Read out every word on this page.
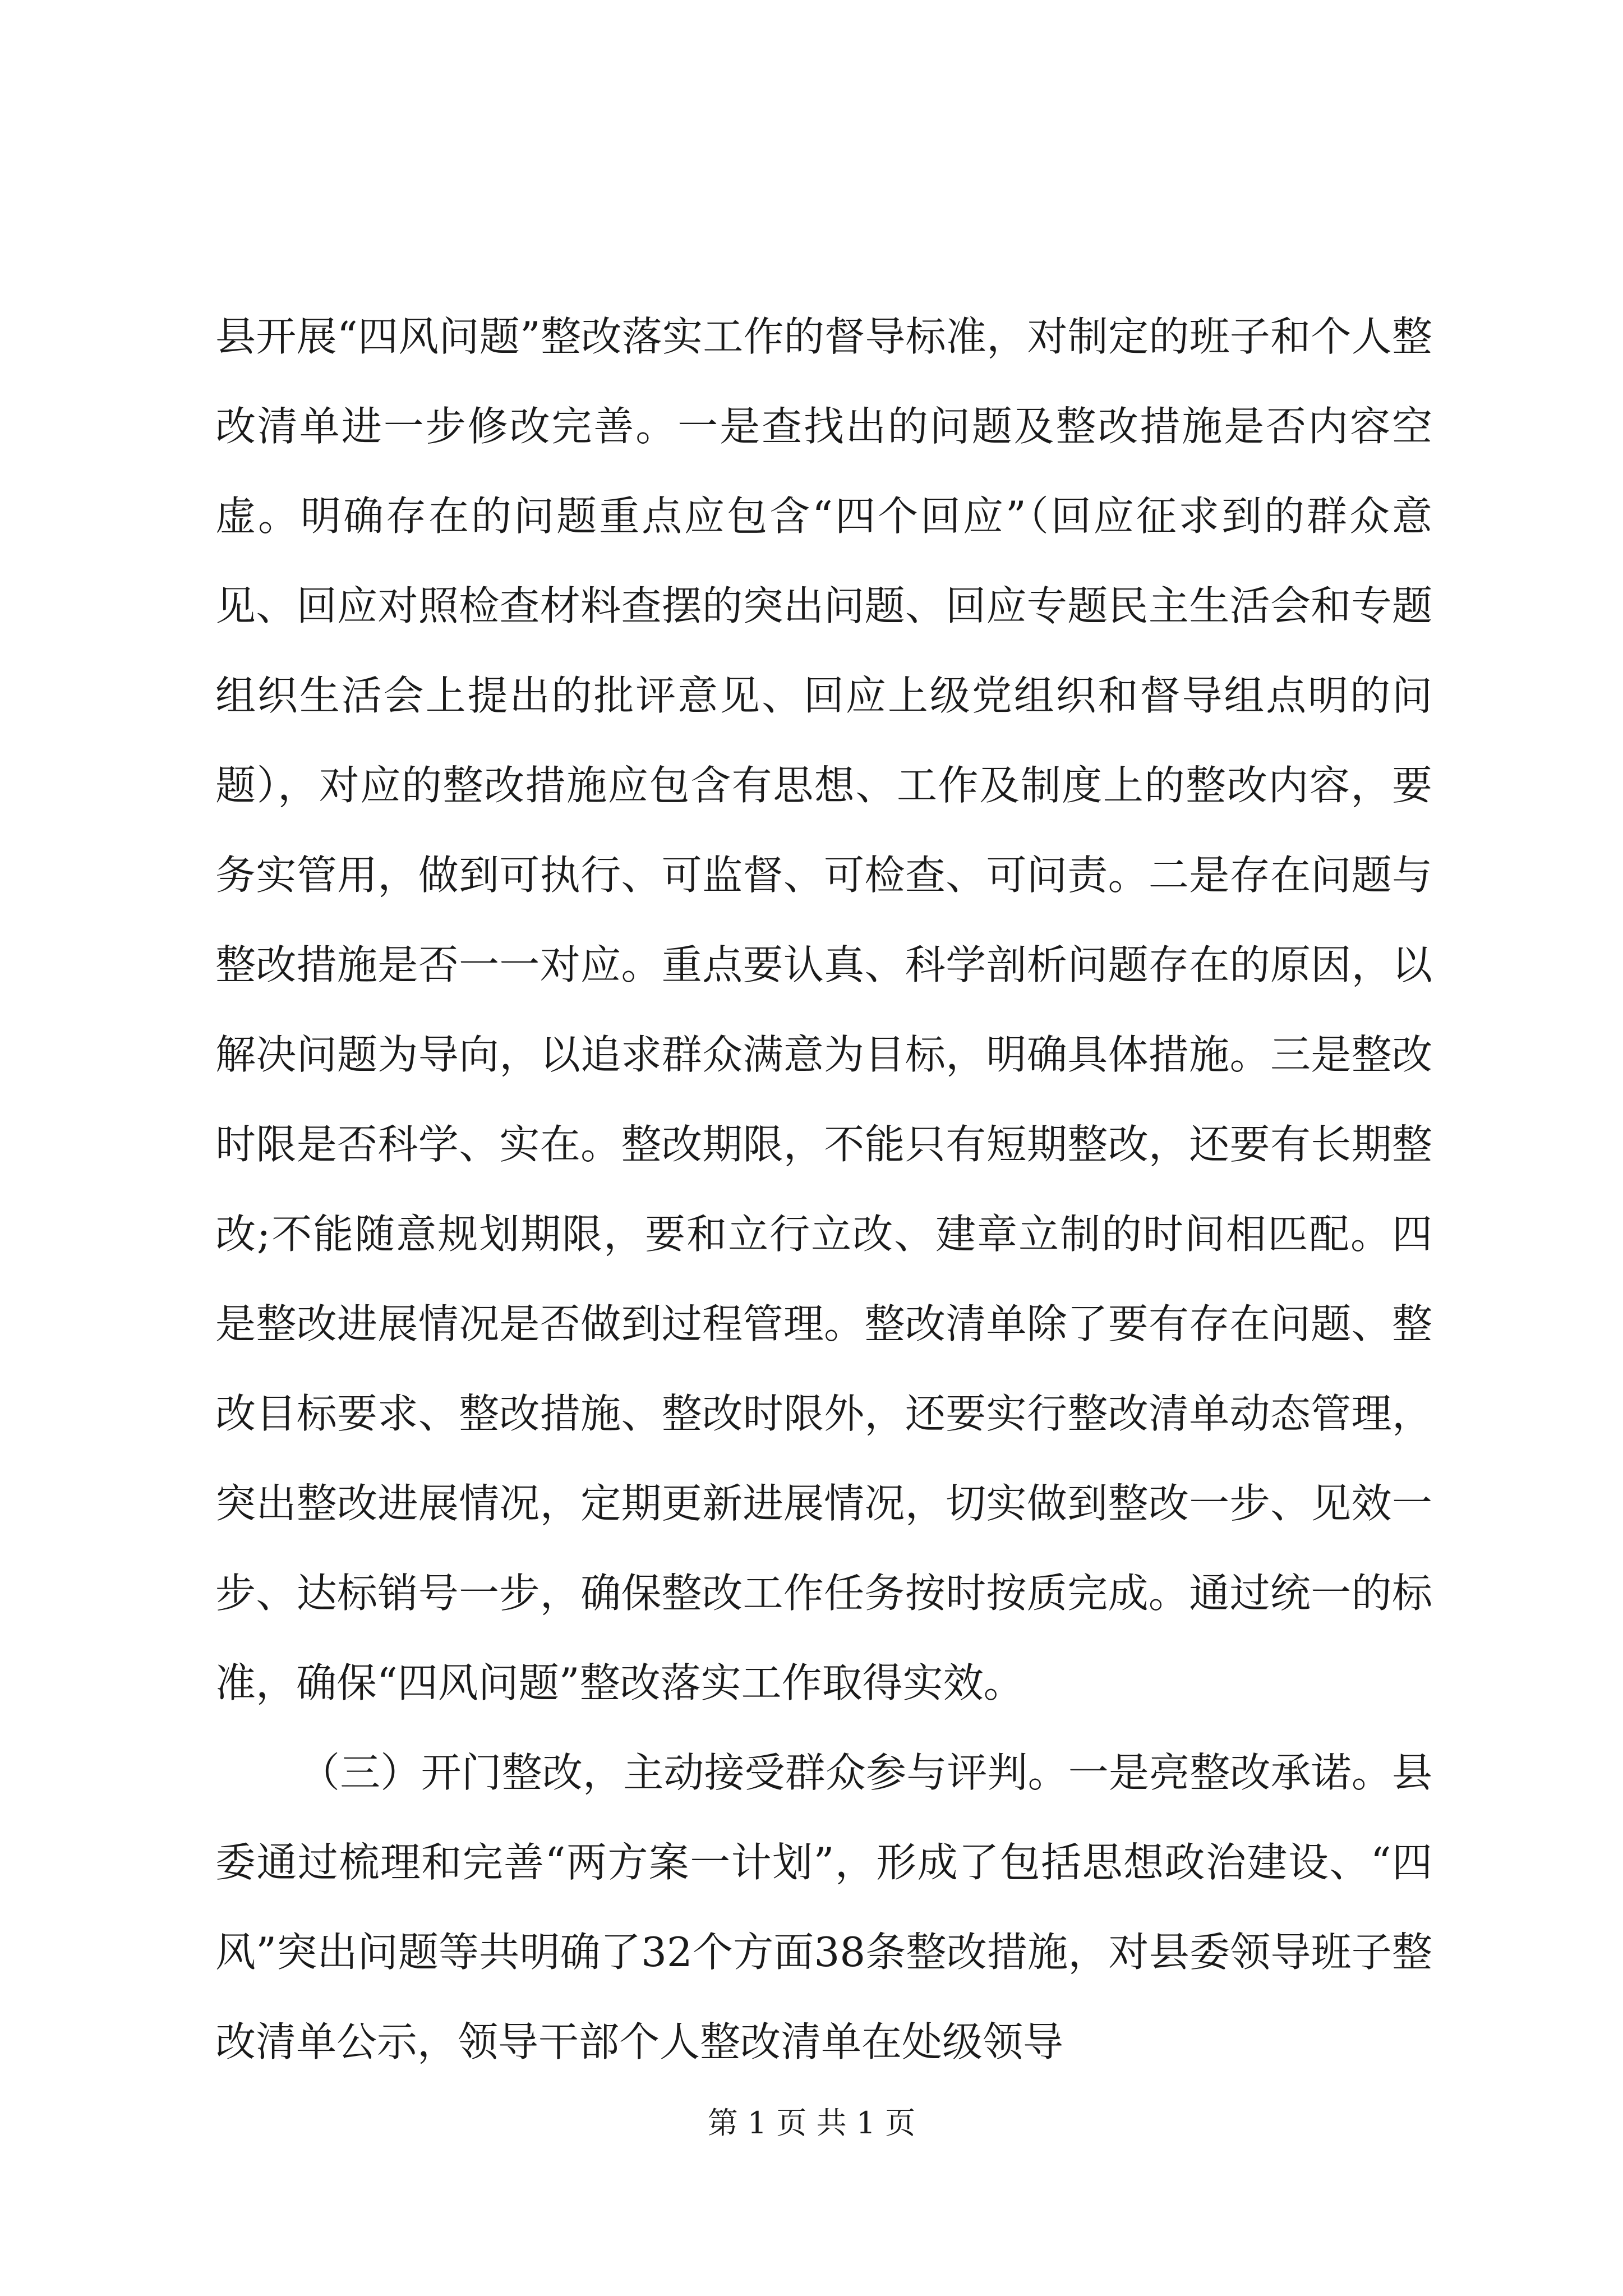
县开展“四风问题”整改落实工作的督导标准，对制定的班子和个人整改清单进一步修改完善。一是查找出的问题及整改措施是否内容空虚。明确存在的问题重点应包含“四个回应”（回应征求到的群众意见、回应对照检查材料查摆的突出问题、回应专题民主生活会和专题组织生活会上提出的批评意见、回应上级党组织和督导组点明的问题），对应的整改措施应包含有思想、工作及制度上的整改内容，要务实管用，做到可执行、可监督、可检查、可问责。二是存在问题与整改措施是否一一对应。重点要认真、科学剖析问题存在的原因，以解决问题为导向，以追求群众满意为目标，明确具体措施。三是整改时限是否科学、实在。整改期限，不能只有短期整改，还要有长期整改;不能随意规划期限，要和立行立改、建章立制的时间相匹配。四是整改进展情况是否做到过程管理。整改清单除了要有存在问题、整改目标要求、整改措施、整改时限外，还要实行整改清单动态管理，突出整改进展情况，定期更新进展情况，切实做到整改一步、见效一步、达标销号一步，确保整改工作任务按时按质完成。通过统一的标准，确保“四风问题”整改落实工作取得实效。

（三）开门整改，主动接受群众参与评判。一是亮整改承诺。县委通过梳理和完善“两方案一计划”，形成了包括思想政治建设、“四风”突出问题等共明确了32个方面38条整改措施，对县委领导班子整改清单公示，领导干部个人整改清单在处级领导

第 1 页 共 1 页
